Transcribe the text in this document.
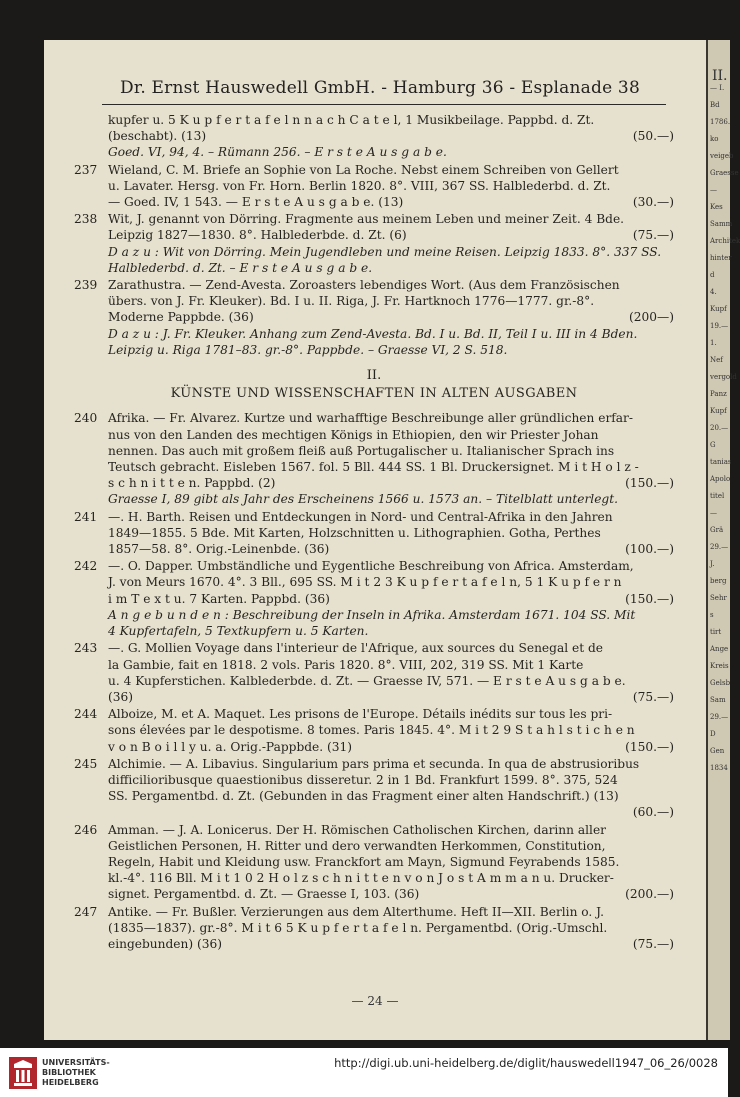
Dr. Ernst Hauswedell GmbH. - Hamburg 36 - Esplanade 38
kupfer u. 5 K u p f e r t a f e l n n a c h C a t e l, 1 Musikbeilage. Pappbd. d. Zt.
(beschabt). (13)	(50.—)
Goed. VI, 94, 4. – Rümann 256. – E r s t e A u s g a b e.
237 Wieland, C. M. Briefe an Sophie von La Roche. Nebst einem Schreiben von Gellert
u. Lavater. Hersg. von Fr. Horn. Berlin 1820. 8°. VIII, 367 SS. Halblederbd. d. Zt.
— Goed. IV, 1 543. — E r s t e A u s g a b e. (13)	(30.—)
238 Wit, J. genannt von Dörring. Fragmente aus meinem Leben und meiner Zeit. 4 Bde.
Leipzig 1827—1830. 8°. Halblederbde. d. Zt. (6)	(75.—)
D a z u : Wit von Dörring. Mein Jugendleben und meine Reisen. Leipzig 1833. 8°. 337 SS.
Halblederbd. d. Zt. – E r s t e A u s g a b e.
239 Zarathustra. — Zend-Avesta. Zoroasters lebendiges Wort. (Aus dem Französischen
übers. von J. Fr. Kleuker). Bd. I u. II. Riga, J. Fr. Hartknoch 1776—1777. gr.-8°.
Moderne Pappbde. (36)	(200—)
D a z u : J. Fr. Kleuker. Anhang zum Zend-Avesta. Bd. I u. Bd. II, Teil I u. III in 4 Bden.
Leipzig u. Riga 1781–83. gr.-8°. Pappbde. – Graesse VI, 2 S. 518.
II.
KÜNSTE UND WISSENSCHAFTEN IN ALTEN AUSGABEN
240 Afrika. — Fr. Alvarez. Kurtze und warhafftige Beschreibunge aller gründlichen erfar-
nus von den Landen des mechtigen Königs in Ethiopien, den wir Priester Johan
nennen. Das auch mit großem fleiß auß Portugalischer u. Italianischer Sprach ins
Teutsch gebracht. Eisleben 1567. fol. 5 Bll. 444 SS. 1 Bl. Druckersignet. M i t H o l z -
s c h n i t t e n. Pappbd. (2)	(150.—)
Graesse I, 89 gibt als Jahr des Erscheinens 1566 u. 1573 an. – Titelblatt unterlegt.
241 —. H. Barth. Reisen und Entdeckungen in Nord- und Central-Afrika in den Jahren
1849—1855. 5 Bde. Mit Karten, Holzschnitten u. Lithographien. Gotha, Perthes
1857—58. 8°. Orig.-Leinenbde. (36)	(100.—)
242 —. O. Dapper. Umbständliche und Eygentliche Beschreibung von Africa. Amsterdam,
J. von Meurs 1670. 4°. 3 Bll., 695 SS. M i t 2 3 K u p f e r t a f e l n, 5 1 K u p f e r n
i m T e x t u. 7 Karten. Pappbd. (36)	(150.—)
A n g e b u n d e n : Beschreibung der Inseln in Afrika. Amsterdam 1671. 104 SS. Mit
4 Kupfertafeln, 5 Textkupfern u. 5 Karten.
243 —. G. Mollien Voyage dans l'interieur de l'Afrique, aux sources du Senegal et de
la Gambie, fait en 1818. 2 vols. Paris 1820. 8°. VIII, 202, 319 SS. Mit 1 Karte
u. 4 Kupferstichen. Kalblederbde. d. Zt. — Graesse IV, 571. — E r s t e A u s g a b e.
(36)	(75.—)
244 Alboize, M. et A. Maquet. Les prisons de l'Europe. Détails inédits sur tous les pri-
sons élevées par le despotisme. 8 tomes. Paris 1845. 4°. M i t 2 9 S t a h l s t i c h e n
v o n B o i l l y u. a. Orig.-Pappbde. (31)	(150.—)
245 Alchimie. — A. Libavius. Singularium pars prima et secunda. In qua de abstrusioribus
difficilioribusque quaestionibus disseretur. 2 in 1 Bd. Frankfurt 1599. 8°. 375, 524
SS. Pergamentbd. d. Zt. (Gebunden in das Fragment einer alten Handschrift.) (13)
(60.—)
246 Amman. — J. A. Lonicerus. Der H. Römischen Catholischen Kirchen, darinn aller
Geistlichen Personen, H. Ritter und dero verwandten Herkommen, Constitution,
Regeln, Habit und Kleidung usw. Franckfort am Mayn, Sigmund Feyrabends 1585.
kl.-4°. 116 Bll. M i t 1 0 2 H o l z s c h n i t t e n v o n J o s t A m m a n u. Drucker-
signet. Pergamentbd. d. Zt. — Graesse I, 103. (36)	(200.—)
247 Antike. — Fr. Bußler. Verzierungen aus dem Alterthume. Heft II—XII. Berlin o. J.
(1835—1837). gr.-8°. M i t 6 5 K u p f e r t a f e l n. Pergamentbd. (Orig.-Umschl.
eingebunden) (36)	(75.—)
— 24 —
II.
— I. Bd
1786. ko
veigeb
Graesse
— Kes
Samm
Architek
hinter d
4. Kupf
19.—1.
Nef
vergold
Panz
Kupf
20.— G
tanias
Apolo
titel
— Grä
29.— J.
berg
Sehr s
tirt
Ange
Kreis
Gelsb
Sam
29.— D
Gen
1834
UNIVERSITÄTS-
BIBLIOTHEK
HEIDELBERG
http://digi.ub.uni-heidelberg.de/diglit/hauswedell1947_06_26/0028
